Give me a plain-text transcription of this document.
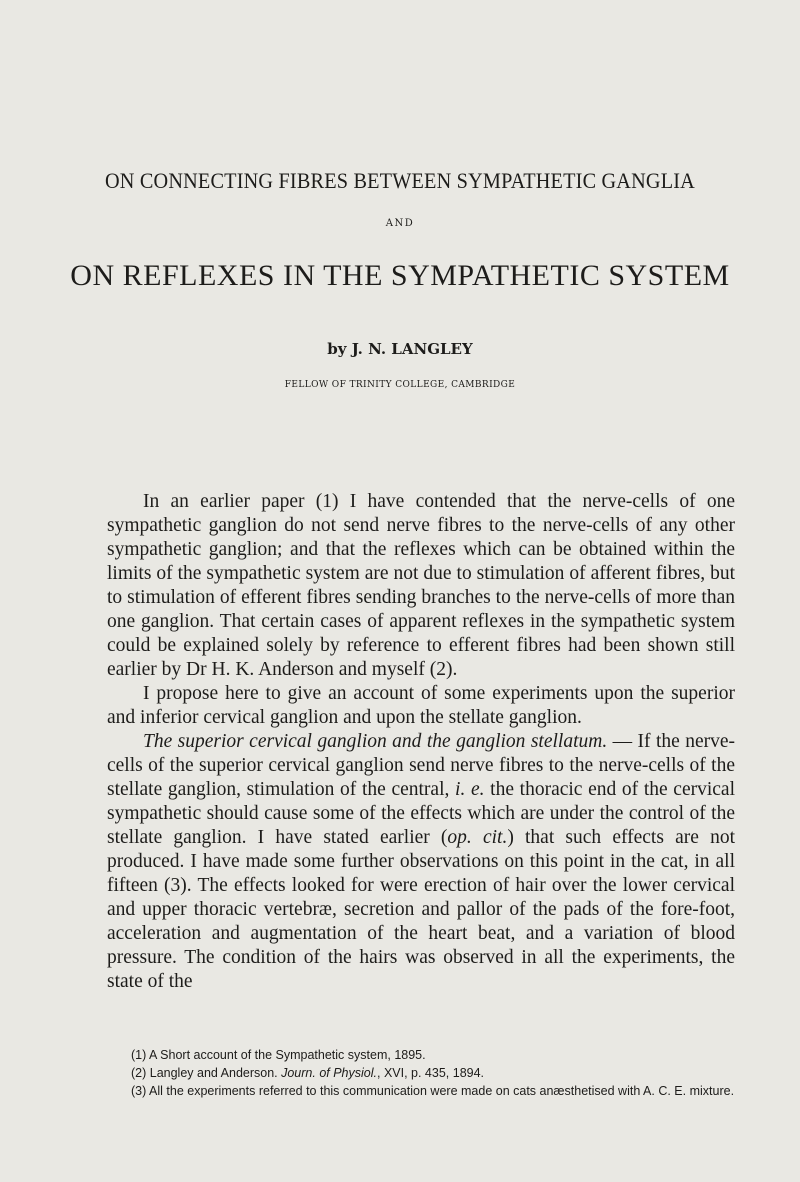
ON CONNECTING FIBRES BETWEEN SYMPATHETIC GANGLIA
AND
ON REFLEXES IN THE SYMPATHETIC SYSTEM
by J. N. LANGLEY
FELLOW OF TRINITY COLLEGE, CAMBRIDGE

In an earlier paper (1) I have contended that the nerve-cells of one sympathetic ganglion do not send nerve fibres to the nerve-cells of any other sympathetic ganglion; and that the reflexes which can be obtained within the limits of the sympathetic system are not due to stimulation of afferent fibres, but to stimulation of efferent fibres sending branches to the nerve-cells of more than one ganglion. That certain cases of apparent reflexes in the sympathetic system could be explained solely by reference to efferent fibres had been shown still earlier by Dr H. K. Anderson and myself (2).

I propose here to give an account of some experiments upon the superior and inferior cervical ganglion and upon the stellate ganglion.

The superior cervical ganglion and the ganglion stellatum. — If the nerve-cells of the superior cervical ganglion send nerve fibres to the nerve-cells of the stellate ganglion, stimulation of the central, i. e. the thoracic end of the cervical sympathetic should cause some of the effects which are under the control of the stellate ganglion. I have stated earlier (op. cit.) that such effects are not produced. I have made some further observations on this point in the cat, in all fifteen (3). The effects looked for were erection of hair over the lower cervical and upper thoracic vertebræ, secretion and pallor of the pads of the fore-foot, acceleration and augmentation of the heart beat, and a variation of blood pressure. The condition of the hairs was observed in all the experiments, the state of the

(1) A Short account of the Sympathetic system, 1895.
(2) Langley and Anderson. Journ. of Physiol., XVI, p. 435, 1894.
(3) All the experiments referred to this communication were made on cats anæsthetised with A. C. E. mixture.
